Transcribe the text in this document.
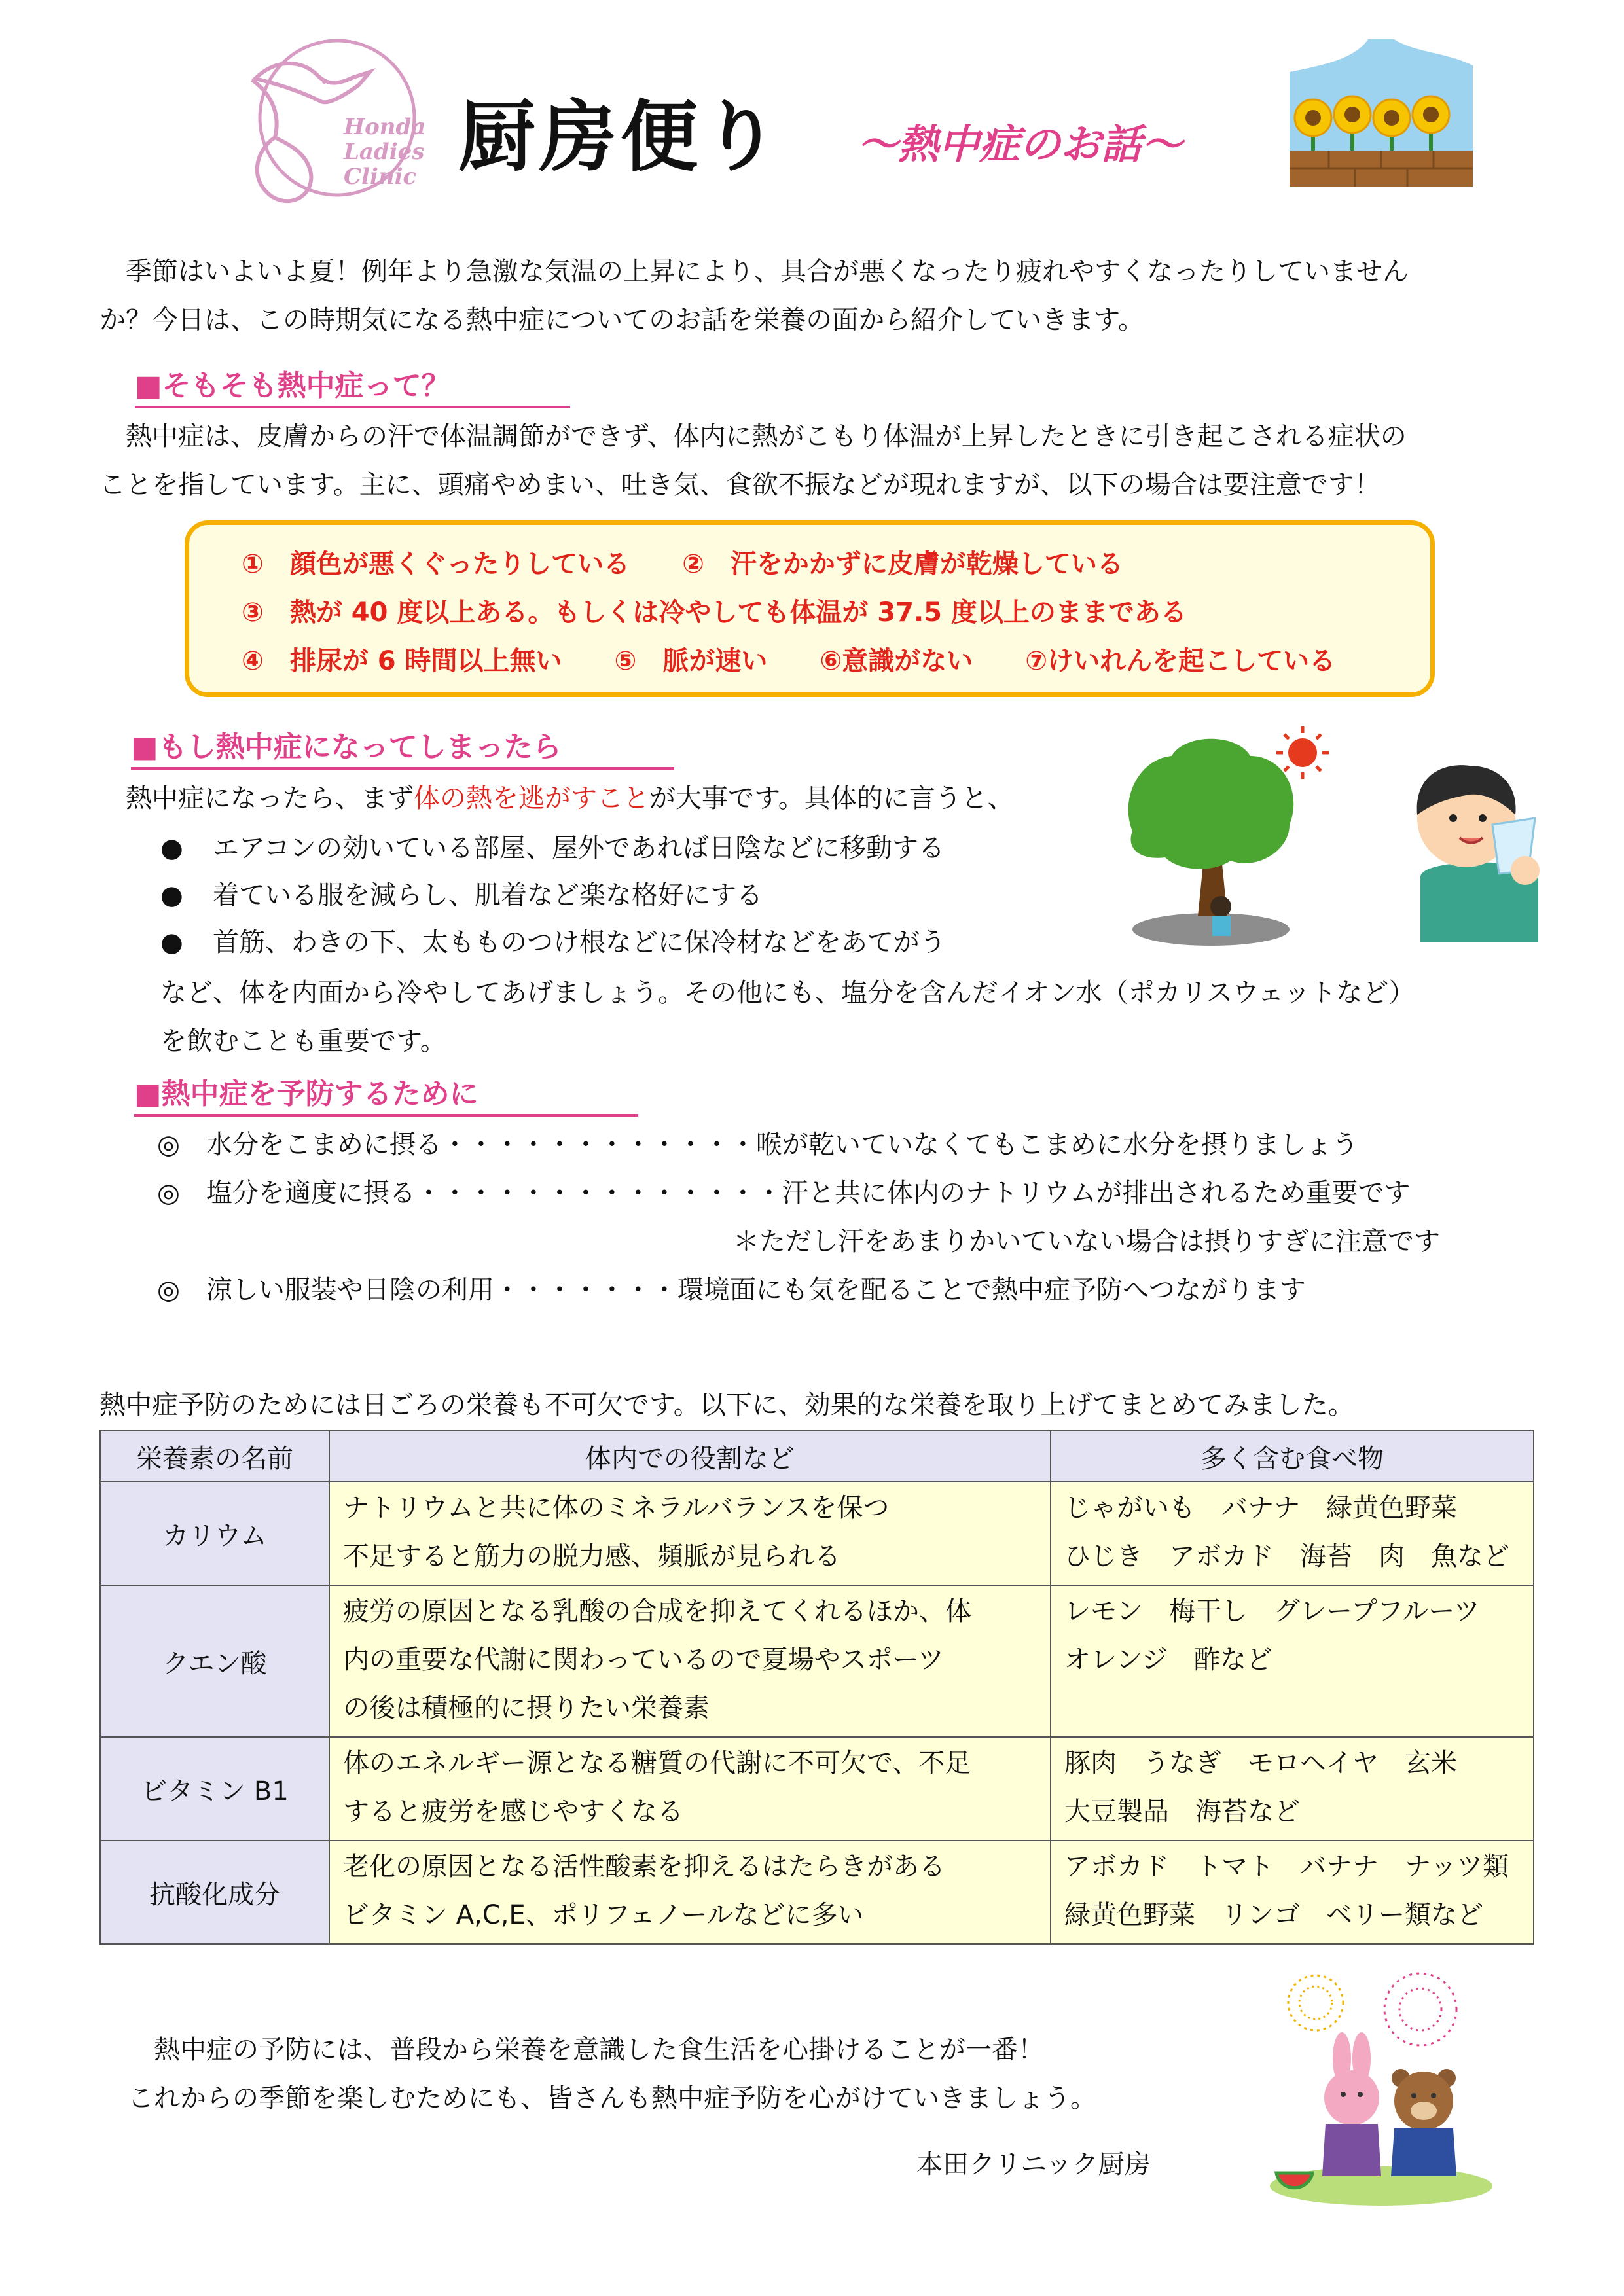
Honda Ladies Clinic 厨房便り ～熱中症のお話～
　季節はいよいよ夏！例年より急激な気温の上昇により、具合が悪くなったり疲れやすくなったりしていません
か？今日は、この時期気になる熱中症についてのお話を栄養の面から紹介していきます。
■そもそも熱中症って？
　熱中症は、皮膚からの汗で体温調節ができず、体内に熱がこもり体温が上昇したときに引き起こされる症状の
ことを指しています。主に、頭痛やめまい、吐き気、食欲不振などが現れますが、以下の場合は要注意です！
①　顔色が悪くぐったりしている　　②　汗をかかずに皮膚が乾燥している
③　熱が 40 度以上ある。もしくは冷やしても体温が 37.5 度以上のままである
④　排尿が 6 時間以上無い　　⑤　脈が速い　　⑥意識がない　　⑦けいれんを起こしている
■もし熱中症になってしまったら
　熱中症になったら、まず体の熱を逃がすことが大事です。具体的に言うと、
● エアコンの効いている部屋、屋外であれば日陰などに移動する
● 着ている服を減らし、肌着など楽な格好にする
● 首筋、わきの下、太もものつけ根などに保冷材などをあてがう
など、体を内面から冷やしてあげましょう。その他にも、塩分を含んだイオン水（ポカリスウェットなど）
を飲むことも重要です。
■熱中症を予防するために
◎　水分をこまめに摂る・・・・・・・・・・・・喉が乾いていなくてもこまめに水分を摂りましょう
◎　塩分を適度に摂る・・・・・・・・・・・・・・汗と共に体内のナトリウムが排出されるため重要です
　　　　　　　　　　　　　　　　　　　　　　＊ただし汗をあまりかいていない場合は摂りすぎに注意です
◎　涼しい服装や日陰の利用・・・・・・・環境面にも気を配ることで熱中症予防へつながります
熱中症予防のためには日ごろの栄養も不可欠です。以下に、効果的な栄養を取り上げてまとめてみました。
栄養素の名前	体内での役割など	多く含む食べ物
カリウム	ナトリウムと共に体のミネラルバランスを保つ
不足すると筋力の脱力感、頻脈が見られる	じゃがいも　バナナ　緑黄色野菜
ひじき　アボカド　海苔　肉　魚など

クエン酸	疲労の原因となる乳酸の合成を抑えてくれるほか、体
内の重要な代謝に関わっているので夏場やスポーツ
の後は積極的に摂りたい栄養素	レモン　梅干し　グレープフルーツ
オレンジ　酢など

ビタミン B1	体のエネルギー源となる糖質の代謝に不可欠で、不足
すると疲労を感じやすくなる	豚肉　うなぎ　モロヘイヤ　玄米
大豆製品　海苔など

抗酸化成分	老化の原因となる活性酸素を抑えるはたらきがある
ビタミン A,C,E、ポリフェノールなどに多い	アボカド　トマト　バナナ　ナッツ類
緑黄色野菜　リンゴ　ベリー類など
　熱中症の予防には、普段から栄養を意識した食生活を心掛けることが一番！
これからの季節を楽しむためにも、皆さんも熱中症予防を心がけていきましょう。
本田クリニック厨房
